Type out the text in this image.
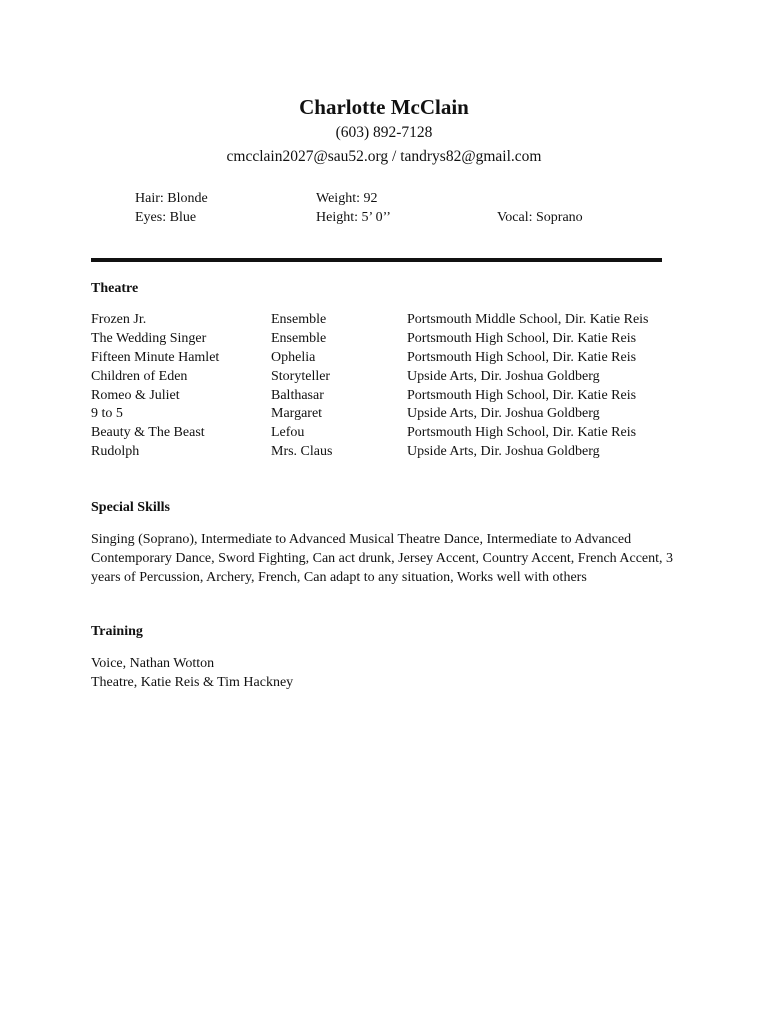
Charlotte McClain
(603) 892-7128
cmcclain2027@sau52.org / tandrys82@gmail.com
Hair: Blonde
Eyes: Blue
Weight: 92
Height: 5’ 0’’	Vocal: Soprano
Theatre
Frozen Jr.	Ensemble	Portsmouth Middle School, Dir. Katie Reis
The Wedding Singer	Ensemble	Portsmouth High School, Dir. Katie Reis
Fifteen Minute Hamlet	Ophelia	Portsmouth High School, Dir. Katie Reis
Children of Eden	Storyteller	Upside Arts, Dir. Joshua Goldberg
Romeo & Juliet	Balthasar	Portsmouth High School, Dir. Katie Reis
9 to 5	Margaret	Upside Arts, Dir. Joshua Goldberg
Beauty & The Beast	Lefou	Portsmouth High School, Dir. Katie Reis
Rudolph	Mrs. Claus	Upside Arts, Dir. Joshua Goldberg
Special Skills
Singing (Soprano), Intermediate to Advanced Musical Theatre Dance, Intermediate to Advanced Contemporary Dance, Sword Fighting, Can act drunk, Jersey Accent, Country Accent, French Accent, 3 years of Percussion, Archery, French, Can adapt to any situation, Works well with others
Training
Voice, Nathan Wotton
Theatre, Katie Reis & Tim Hackney
